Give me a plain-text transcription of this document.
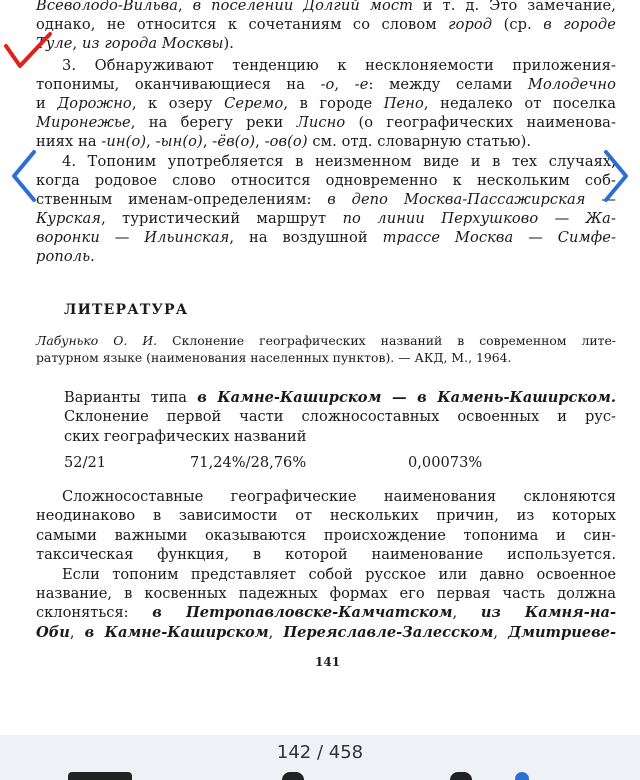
Всеволодо-Вильва, в поселении Долгий мост и т. д. Это замечание,

однако, не относится к сочетаниям со словом город (ср. в городе

Туле, из города Москвы).

3. Обнаруживают тенденцию к несклоняемости приложения-

топонимы, оканчивающиеся на -о, -е: между селами Молодечно

и Дорожно, к озеру Серемо, в городе Пено, недалеко от поселка

Миронежье, на берегу реки Лисно (о географических наименова-

ниях на -ин(о), -ын(о), -ёв(о), -ов(о) см. отд. словарную статью).

4. Топоним употребляется в неизменном виде и в тех случаях,

когда родовое слово относится одновременно к нескольким соб-

ственным именам-определениям: в депо Москва-Пассажирская —

Курская, туристический маршрут по линии Перхушково — Жа-

воронки — Ильинская, на воздушной трассе Москва — Симфе-

рополь.

ЛИТЕРАТУРА

Лабунько О. И. Склонение географических названий в современном лите-

ратурном языке (наименования населенных пунктов). — АКД, М., 1964.

Варианты типа в Камне-Каширском — в Камень-Каширском.

Склонение первой части сложносоставных освоенных и рус-

ских географических названий

52/21	71,24%/28,76%	0,00073%

Сложносоставные географические наименования склоняются

неодинаково в зависимости от нескольких причин, из которых

самыми важными оказываются происхождение топонима и син-

таксическая функция, в которой наименование используется.

Если топоним представляет собой русское или давно освоенное

название, в косвенных падежных формах его первая часть должна

склоняться: в Петропавловске-Камчатском, из Камня-на-

Оби, в Камне-Каширском, Переяславле-Залесском, Дмитриеве-

141
142 / 458
